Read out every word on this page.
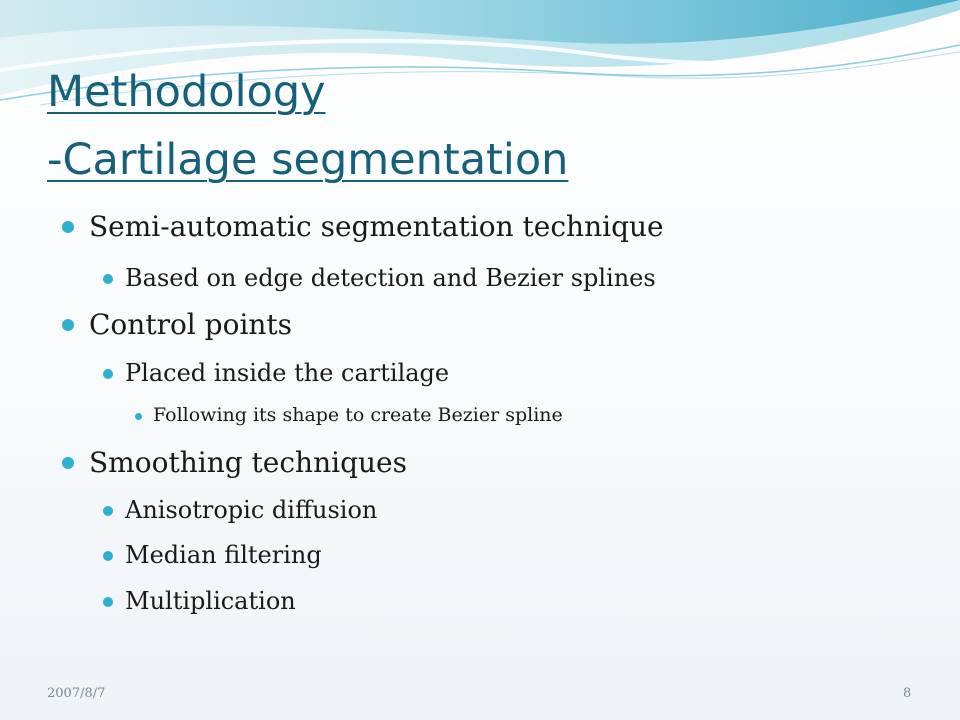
Methodology
-Cartilage segmentation
Semi-automatic segmentation technique
Based on edge detection and Bezier splines
Control points
Placed inside the cartilage
Following its shape to create Bezier spline
Smoothing techniques
Anisotropic diffusion
Median filtering
Multiplication
2007/8/7	8
